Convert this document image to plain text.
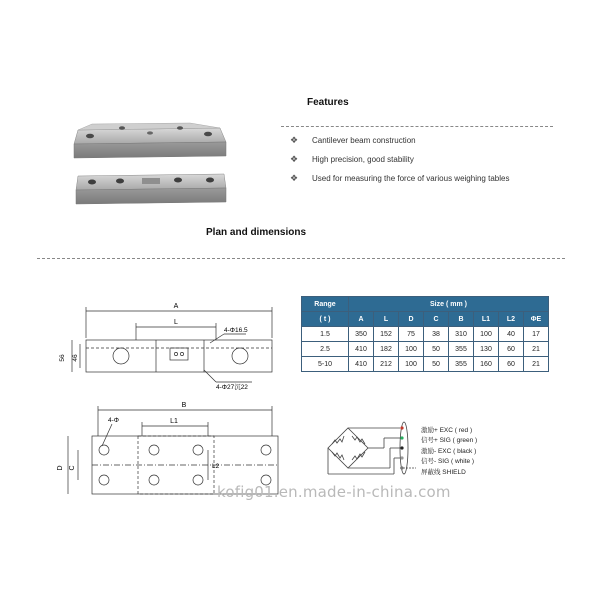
Features
❖ Cantilever beam construction
❖ High precision, good stability
❖ Used for measuring the force of various weighing tables
Plan and dimensions
A
L
4-Φ16.5
4-Φ27沉22
56 46
B
L1
L2
4-Φ
D C
Range	Size ( mm )							
( t )	A	L	D	C	B	L1	L2	ΦE
1.5	350	152	75	38	310	100	40	17
2.5	410	182	100	50	355	130	60	21
5-10	410	212	100	50	355	160	60	21
激励+ EXC ( red )
信号+ SIG ( green )
激励- EXC ( black )
信号- SIG ( white )
屏蔽线 SHIELD
kofig01.en.made-in-china.com
